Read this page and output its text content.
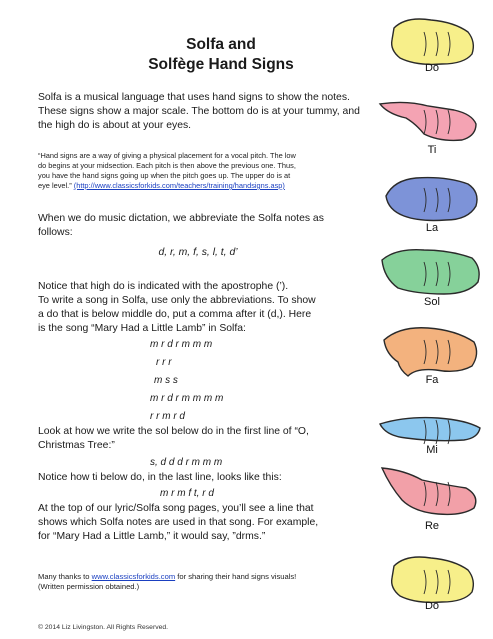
Solfa and
Solfège Hand Signs
Solfa is a musical language that uses hand signs to show the notes.
These signs show a major scale. The bottom do is at your tummy, and
the high do is about at your eyes.
“Hand signs are a way of giving a physical placement for a vocal pitch. The low
do begins at your midsection. Each pitch is then above the previous one. Thus,
you have the hand signs going up when the pitch goes up. The upper do is at
eye level.” (http://www.classicsforkids.com/teachers/training/handsigns.asp)
When we do music dictation, we abbreviate the Solfa notes as
follows:
d, r, m, f, s, l, t, d’
Notice that high do is indicated with the apostrophe (’).
To write a song in Solfa, use only the abbreviations. To show
a do that is below middle do, put a comma after it (d,). Here
is the song “Mary Had a Little Lamb” in Solfa:
m r d r m m m
r r r
m s s
m r d r m m m m
r r m r d
Look at how we write the sol below do in the first line of “O,
Christmas Tree:”
s, d d d r m m m
Notice how ti below do, in the last line, looks like this:
m r m f t, r d
At the top of our lyric/Solfa song pages, you’ll see a line that
shows which Solfa notes are used in that song. For example,
for “Mary Had a Little Lamb,” it would say, ”drms.”
Many thanks to www.classicsforkids.com for sharing their hand signs visuals!
(Written permission obtained.)
© 2014 Liz Livingston. All Rights Reserved.
Do
Ti
La
Sol
Fa
Mi
Re
Do
